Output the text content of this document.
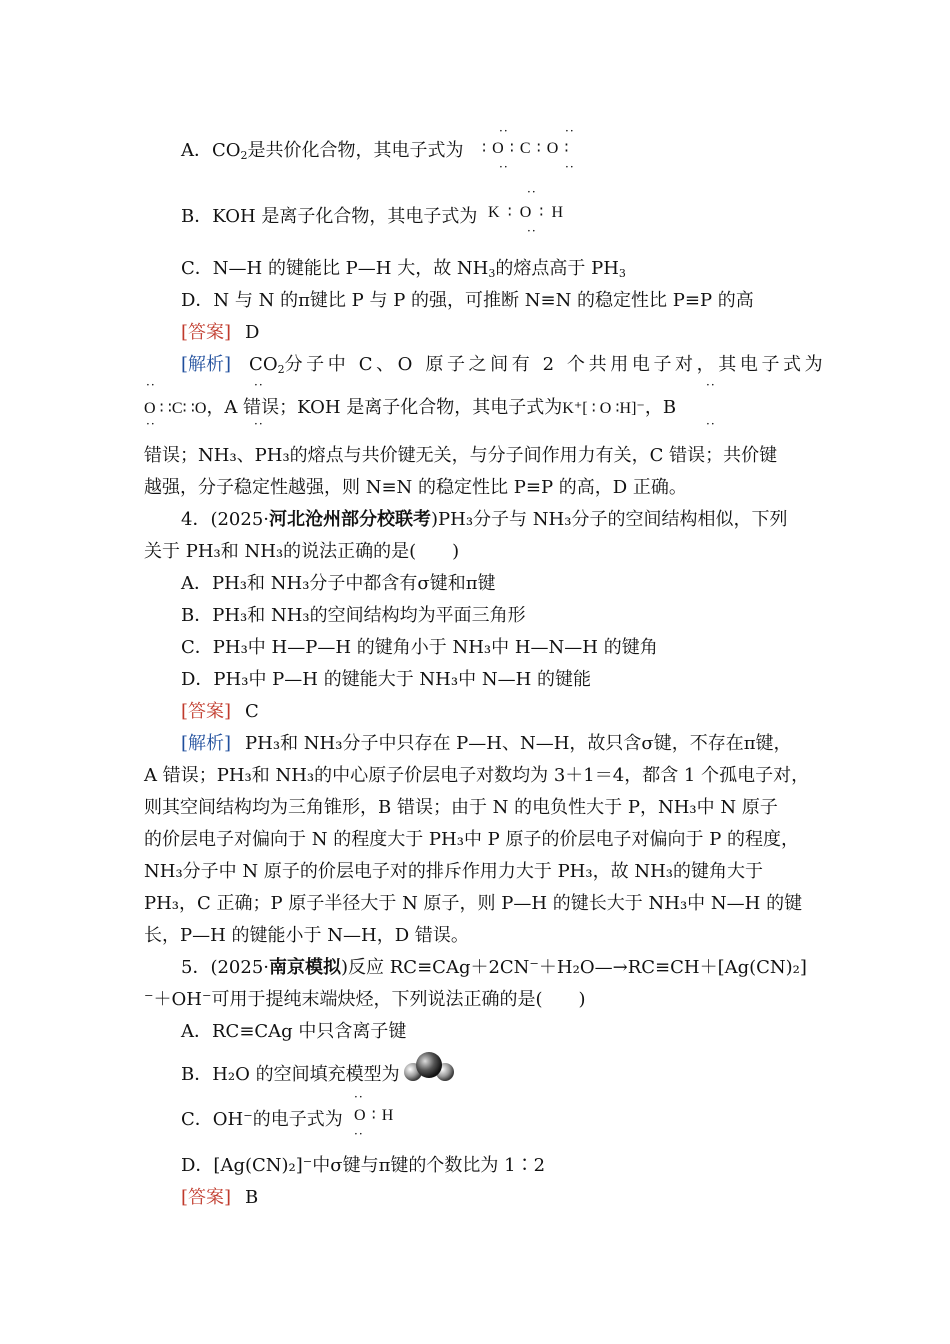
A．$CO_2$是共价化合物，其电子式为
··	··
∶ O ∶ C ∶ O ∶
··	··
B．KOH 是离子化合物，其电子式为
··
K ∶ O ∶ H
··
C．N—H 的键能比 P—H 大，故 $NH_3$的熔点高于 $PH_3$
D．N 与 N 的π键比 P 与 P 的强，可推断 N≡N 的稳定性比 P≡P 的高
[答案] D
[解析] $CO_2$分子中 C、O 原子之间有 2 个共用电子对，其电子式为
··	··	··
O ∶ ∶C∶ ∶O，A 错误；KOH 是离子化合物，其电子式为K⁺[ ∶ O ∶H]⁻，B
··	··	··
错误；NH₃、PH₃的熔点与共价键无关，与分子间作用力有关，C 错误；共价键
越强，分子稳定性越强，则 N≡N 的稳定性比 P≡P 的高，D 正确。
4．(2025·河北沧州部分校联考)PH₃分子与 NH₃分子的空间结构相似，下列
关于 PH₃和 NH₃的说法正确的是(　　)
A．PH₃和 NH₃分子中都含有σ键和π键
B．PH₃和 NH₃的空间结构均为平面三角形
C．PH₃中 H—P—H 的键角小于 NH₃中 H—N—H 的键角
D．PH₃中 P—H 的键能大于 NH₃中 N—H 的键能
[答案] C
[解析] PH₃和 NH₃分子中只存在 P—H、N—H，故只含σ键，不存在π键，
A 错误；PH₃和 NH₃的中心原子价层电子对数均为 3＋1＝4，都含 1 个孤电子对，
则其空间结构均为三角锥形，B 错误；由于 N 的电负性大于 P，NH₃中 N 原子
的价层电子对偏向于 N 的程度大于 PH₃中 P 原子的价层电子对偏向于 P 的程度，
NH₃分子中 N 原子的价层电子对的排斥作用力大于 PH₃，故 NH₃的键角大于
PH₃，C 正确；P 原子半径大于 N 原子，则 P—H 的键长大于 NH₃中 N—H 的键
长，P—H 的键能小于 N—H，D 错误。
5．(2025·南京模拟)反应 RC≡CAg＋2CN⁻＋H₂O—→RC≡CH＋[Ag(CN)₂]
⁻＋OH⁻可用于提纯末端炔烃，下列说法正确的是(　　)
A．RC≡CAg 中只含离子键
B．H₂O 的空间填充模型为
C．OH⁻的电子式为
··
O ∶ H
··
D．[Ag(CN)₂]⁻中σ键与π键的个数比为 1∶2
[答案] B
